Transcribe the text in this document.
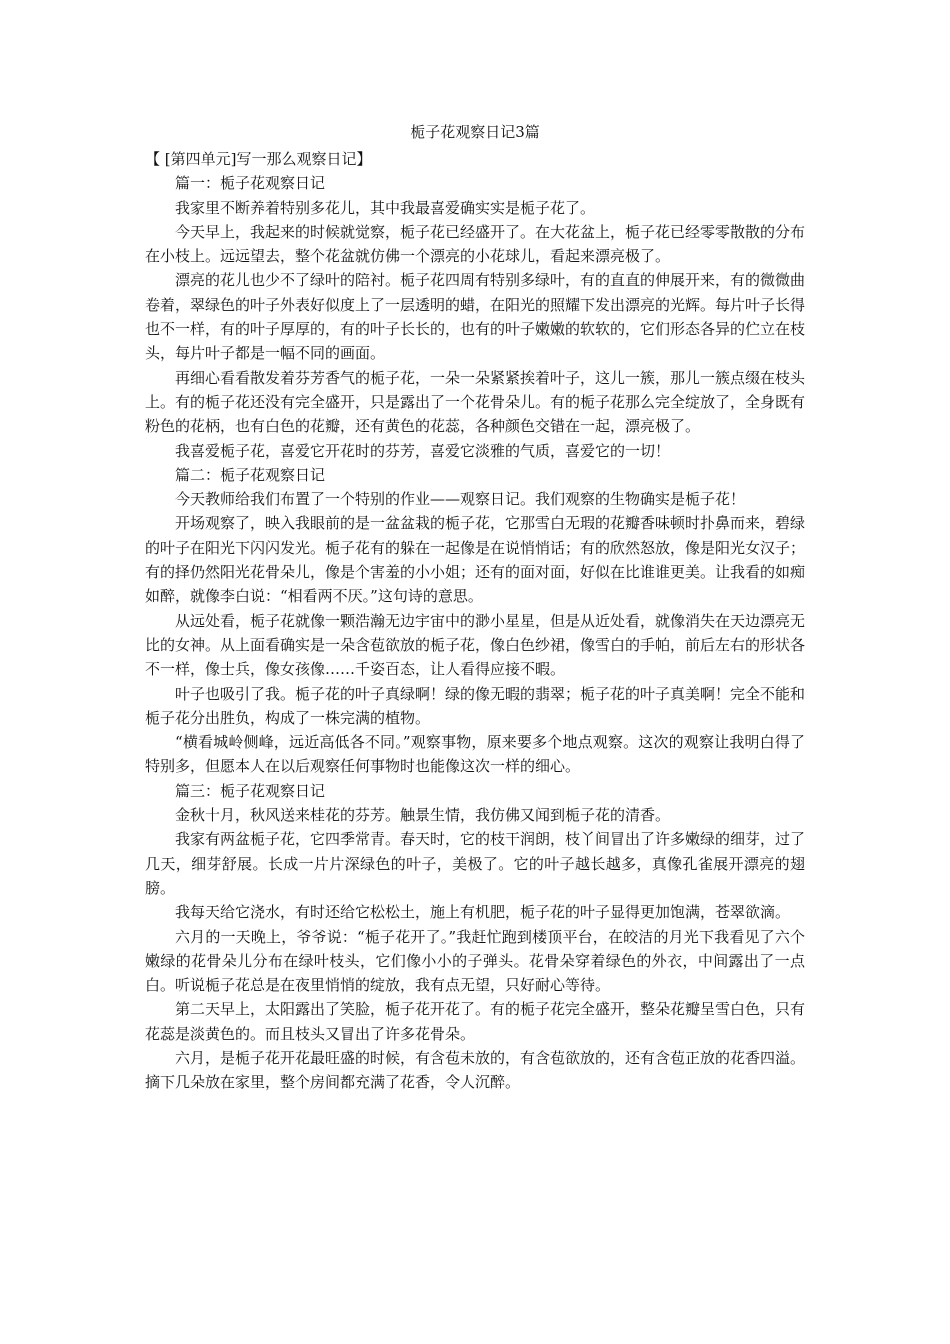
栀子花观察日记3篇

【 [第四单元]写一那么观察日记】

篇一：栀子花观察日记

我家里不断养着特别多花儿，其中我最喜爱确实实是栀子花了。

今天早上，我起来的时候就觉察，栀子花已经盛开了。在大花盆上，栀子花已经零零散散的分布在小枝上。远远望去，整个花盆就仿佛一个漂亮的小花球儿，看起来漂亮极了。

漂亮的花儿也少不了绿叶的陪衬。栀子花四周有特别多绿叶，有的直直的伸展开来，有的微微曲卷着，翠绿色的叶子外表好似度上了一层透明的蜡，在阳光的照耀下发出漂亮的光辉。每片叶子长得也不一样，有的叶子厚厚的，有的叶子长长的，也有的叶子嫩嫩的软软的，它们形态各异的伫立在枝头，每片叶子都是一幅不同的画面。

再细心看看散发着芬芳香气的栀子花，一朵一朵紧紧挨着叶子，这儿一簇，那儿一簇点缀在枝头上。有的栀子花还没有完全盛开，只是露出了一个花骨朵儿。有的栀子花那么完全绽放了，全身既有粉色的花柄，也有白色的花瓣，还有黄色的花蕊，各种颜色交错在一起，漂亮极了。

我喜爱栀子花，喜爱它开花时的芬芳，喜爱它淡雅的气质，喜爱它的一切！

篇二：栀子花观察日记

今天教师给我们布置了一个特别的作业——观察日记。我们观察的生物确实是栀子花！

开场观察了，映入我眼前的是一盆盆栽的栀子花，它那雪白无瑕的花瓣香味顿时扑鼻而来，碧绿的叶子在阳光下闪闪发光。栀子花有的躲在一起像是在说悄悄话；有的欣然怒放，像是阳光女汉子；有的择仍然阳光花骨朵儿，像是个害羞的小小姐；还有的面对面，好似在比谁谁更美。让我看的如痴如醉，就像李白说：“相看两不厌。”这句诗的意思。

从远处看，栀子花就像一颗浩瀚无边宇宙中的渺小星星，但是从近处看，就像消失在天边漂亮无比的女神。从上面看确实是一朵含苞欲放的栀子花，像白色纱裙，像雪白的手帕，前后左右的形状各不一样，像士兵，像女孩像……千姿百态，让人看得应接不暇。

叶子也吸引了我。栀子花的叶子真绿啊！绿的像无暇的翡翠；栀子花的叶子真美啊！完全不能和栀子花分出胜负，构成了一株完满的植物。

“横看城岭侧峰，远近高低各不同。”观察事物，原来要多个地点观察。这次的观察让我明白得了特别多，但愿本人在以后观察任何事物时也能像这次一样的细心。

篇三：栀子花观察日记

金秋十月，秋风送来桂花的芬芳。触景生情，我仿佛又闻到栀子花的清香。

我家有两盆栀子花，它四季常青。春天时，它的枝干润朗，枝丫间冒出了许多嫩绿的细芽，过了几天，细芽舒展。长成一片片深绿色的叶子，美极了。它的叶子越长越多，真像孔雀展开漂亮的翅膀。

我每天给它浇水，有时还给它松松土，施上有机肥，栀子花的叶子显得更加饱满，苍翠欲滴。

六月的一天晚上，爷爷说：“栀子花开了。”我赶忙跑到楼顶平台，在皎洁的月光下我看见了六个嫩绿的花骨朵儿分布在绿叶枝头，它们像小小的子弹头。花骨朵穿着绿色的外衣，中间露出了一点白。听说栀子花总是在夜里悄悄的绽放，我有点无望，只好耐心等待。

第二天早上，太阳露出了笑脸，栀子花开花了。有的栀子花完全盛开，整朵花瓣呈雪白色，只有花蕊是淡黄色的。而且枝头又冒出了许多花骨朵。

六月，是栀子花开花最旺盛的时候，有含苞未放的，有含苞欲放的，还有含苞正放的花香四溢。摘下几朵放在家里，整个房间都充满了花香，令人沉醉。
